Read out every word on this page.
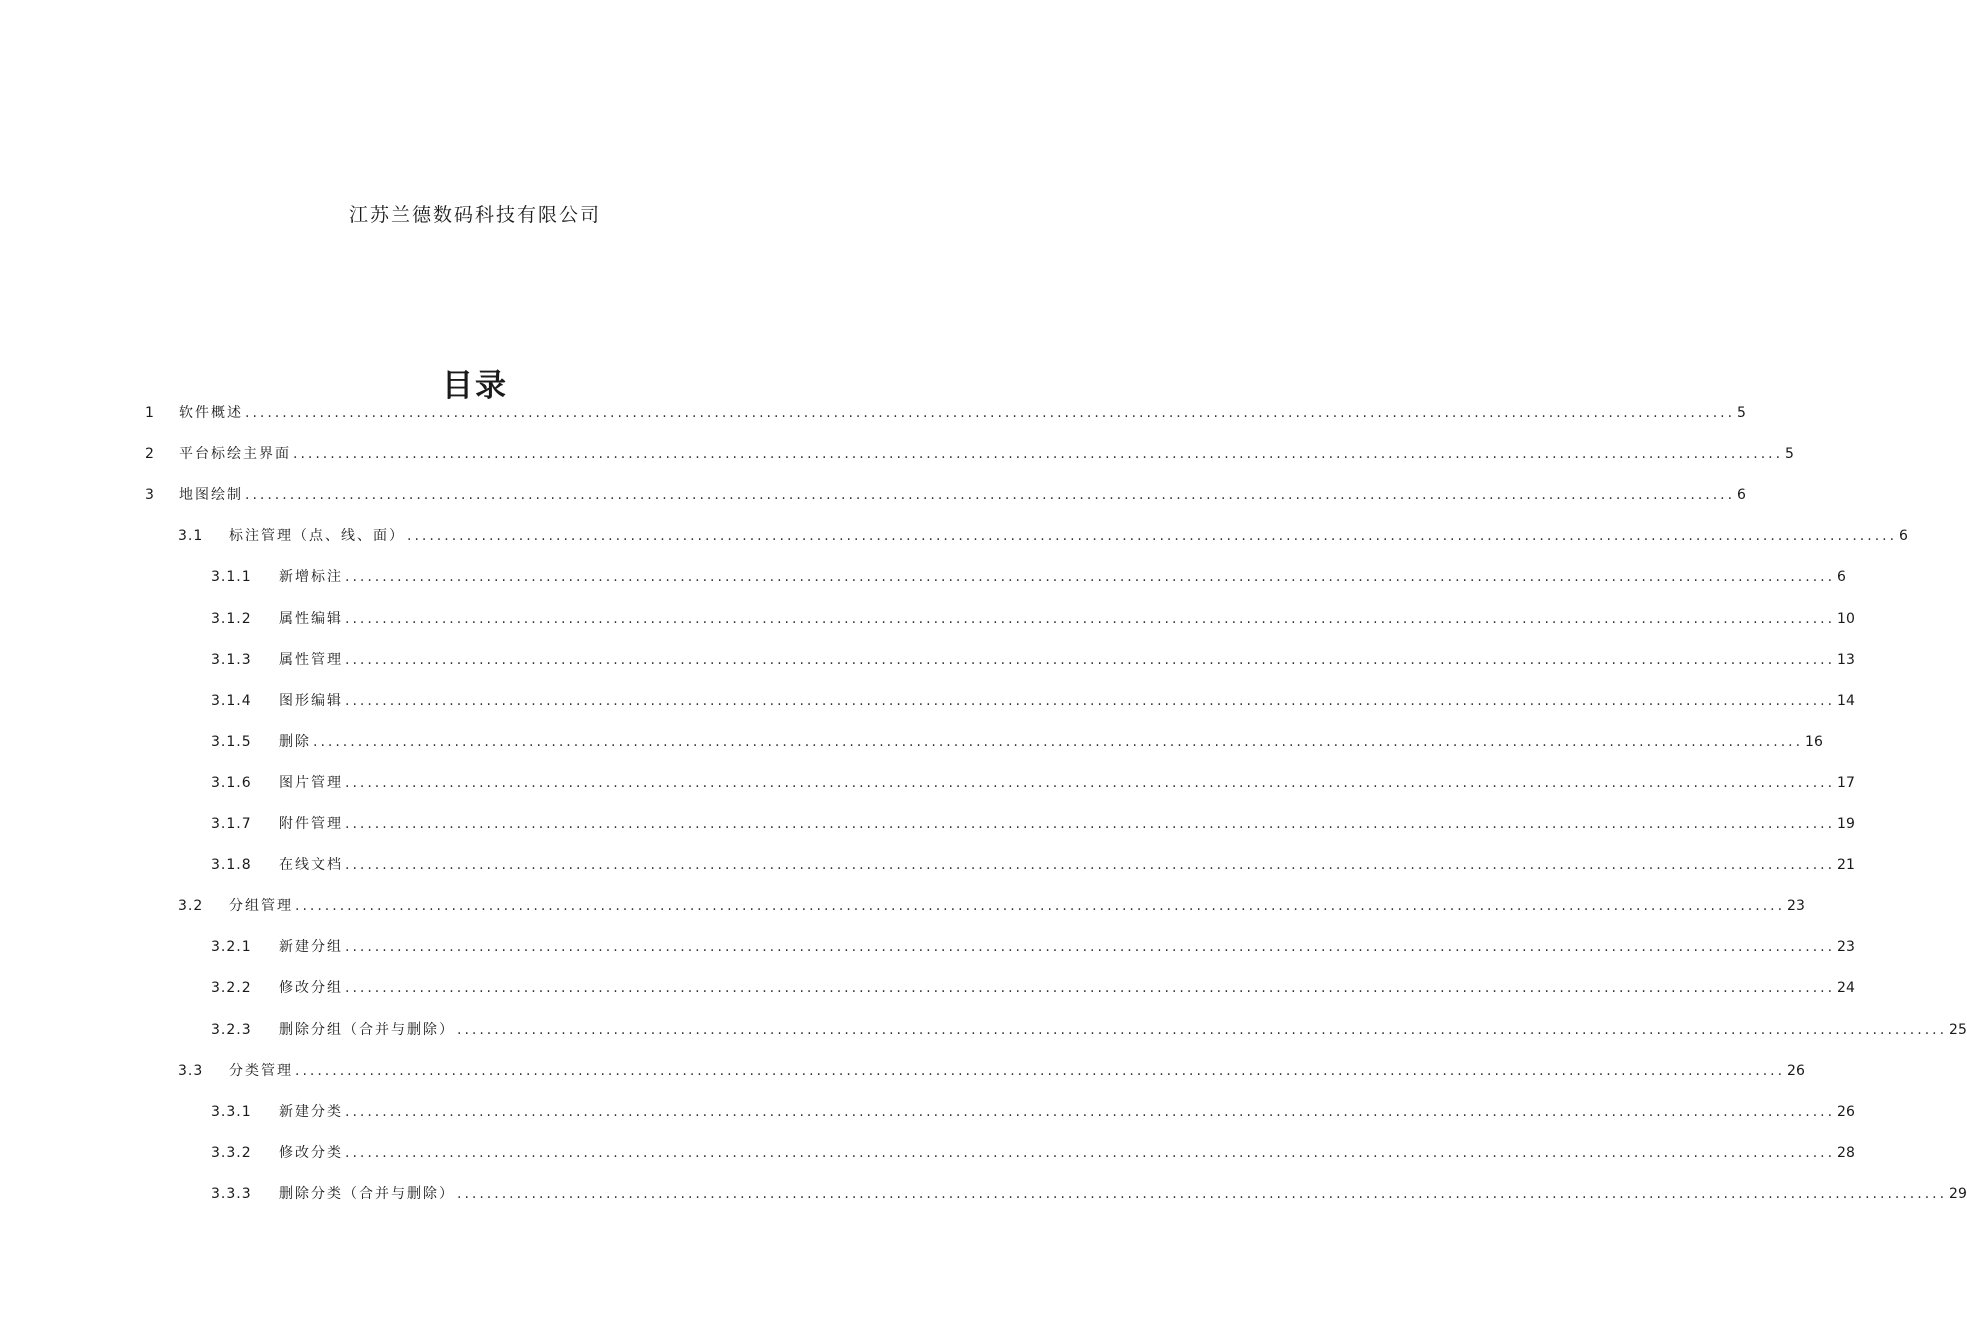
江苏兰德数码科技有限公司
目录
1	软件概述 ........................................................................................................................................................................................................ 5
2	平台标绘主界面 ........................................................................................................................................................................................................ 5
3	地图绘制 ........................................................................................................................................................................................................ 6
3.1	标注管理（点、线、面） ........................................................................................................................................................................................................ 6
3.1.1	新增标注 ........................................................................................................................................................................................................ 6
3.1.2	属性编辑 ........................................................................................................................................................................................................ 10
3.1.3	属性管理 ........................................................................................................................................................................................................ 13
3.1.4	图形编辑 ........................................................................................................................................................................................................ 14
3.1.5	删除 ........................................................................................................................................................................................................ 16
3.1.6	图片管理 ........................................................................................................................................................................................................ 17
3.1.7	附件管理 ........................................................................................................................................................................................................ 19
3.1.8	在线文档 ........................................................................................................................................................................................................ 21
3.2	分组管理 ........................................................................................................................................................................................................ 23
3.2.1	新建分组 ........................................................................................................................................................................................................ 23
3.2.2	修改分组 ........................................................................................................................................................................................................ 24
3.2.3	删除分组（合并与删除） ........................................................................................................................................................................................................ 25
3.3	分类管理 ........................................................................................................................................................................................................ 26
3.3.1	新建分类 ........................................................................................................................................................................................................ 26
3.3.2	修改分类 ........................................................................................................................................................................................................ 28
3.3.3	删除分类（合并与删除） ........................................................................................................................................................................................................ 29
